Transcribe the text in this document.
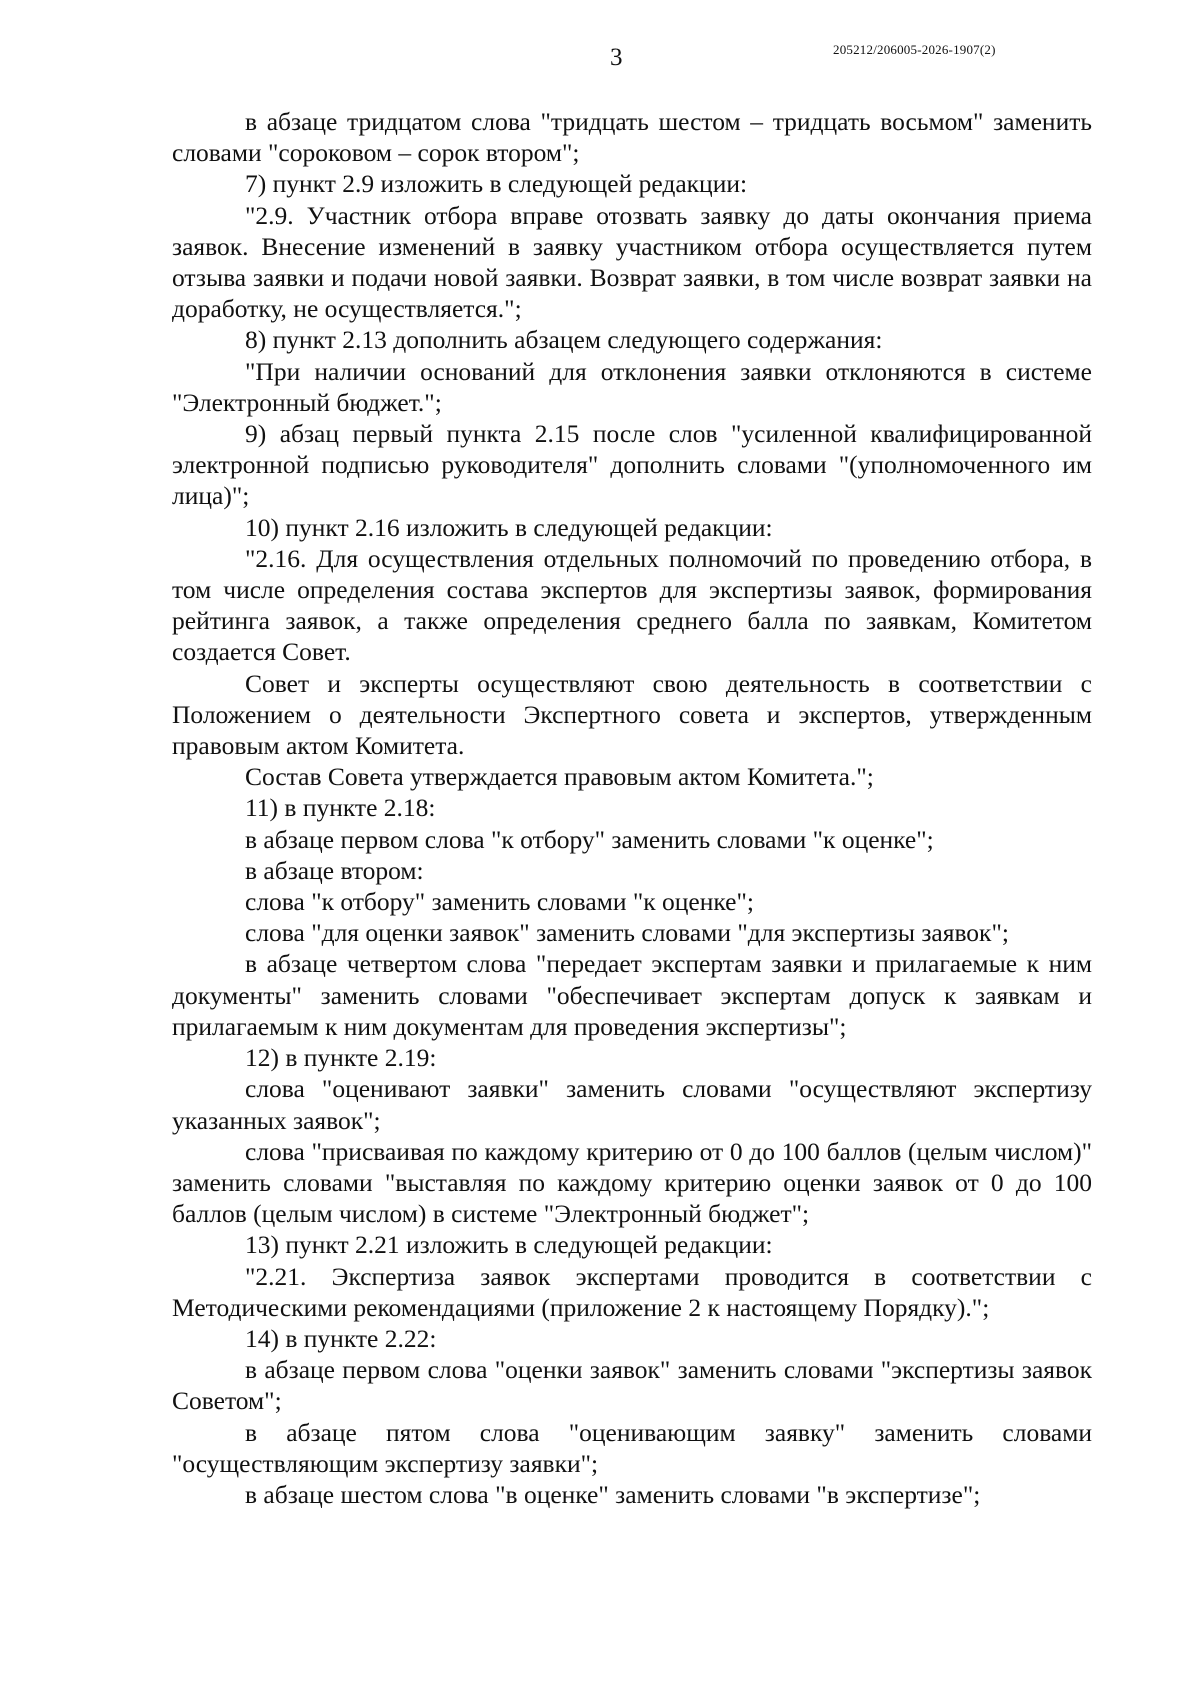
3	205212/206005-2026-1907(2)

в абзаце тридцатом слова "тридцать шестом – тридцать восьмом" заменить словами "сороковом – сорок втором";

7) пункт 2.9 изложить в следующей редакции:

"2.9. Участник отбора вправе отозвать заявку до даты окончания приема заявок. Внесение изменений в заявку участником отбора осуществляется путем отзыва заявки и подачи новой заявки. Возврат заявки, в том числе возврат заявки на доработку, не осуществляется.";

8) пункт 2.13 дополнить абзацем следующего содержания:

"При наличии оснований для отклонения заявки отклоняются в системе "Электронный бюджет.";

9) абзац первый пункта 2.15 после слов "усиленной квалифицированной электронной подписью руководителя" дополнить словами "(уполномоченного им лица)";

10) пункт 2.16 изложить в следующей редакции:

"2.16. Для осуществления отдельных полномочий по проведению отбора, в том числе определения состава экспертов для экспертизы заявок, формирования рейтинга заявок, а также определения среднего балла по заявкам, Комитетом создается Совет.

Совет и эксперты осуществляют свою деятельность в соответствии с Положением о деятельности Экспертного совета и экспертов, утвержденным правовым актом Комитета.

Состав Совета утверждается правовым актом Комитета.";

11) в пункте 2.18:

в абзаце первом слова "к отбору" заменить словами "к оценке";

в абзаце втором:

слова "к отбору" заменить словами "к оценке";

слова "для оценки заявок" заменить словами "для экспертизы заявок";

в абзаце четвертом слова "передает экспертам заявки и прилагаемые к ним документы" заменить словами "обеспечивает экспертам допуск к заявкам и прилагаемым к ним документам для проведения экспертизы";

12) в пункте 2.19:

слова "оценивают заявки" заменить словами "осуществляют экспертизу указанных заявок";

слова "присваивая по каждому критерию от 0 до 100 баллов (целым числом)" заменить словами "выставляя по каждому критерию оценки заявок от 0 до 100 баллов (целым числом) в системе "Электронный бюджет";

13) пункт 2.21 изложить в следующей редакции:

"2.21. Экспертиза заявок экспертами проводится в соответствии с Методическими рекомендациями (приложение 2 к настоящему Порядку).";

14) в пункте 2.22:

в абзаце первом слова "оценки заявок" заменить словами "экспертизы заявок Советом";

в абзаце пятом слова "оценивающим заявку" заменить словами "осуществляющим экспертизу заявки";

в абзаце шестом слова "в оценке" заменить словами "в экспертизе";
